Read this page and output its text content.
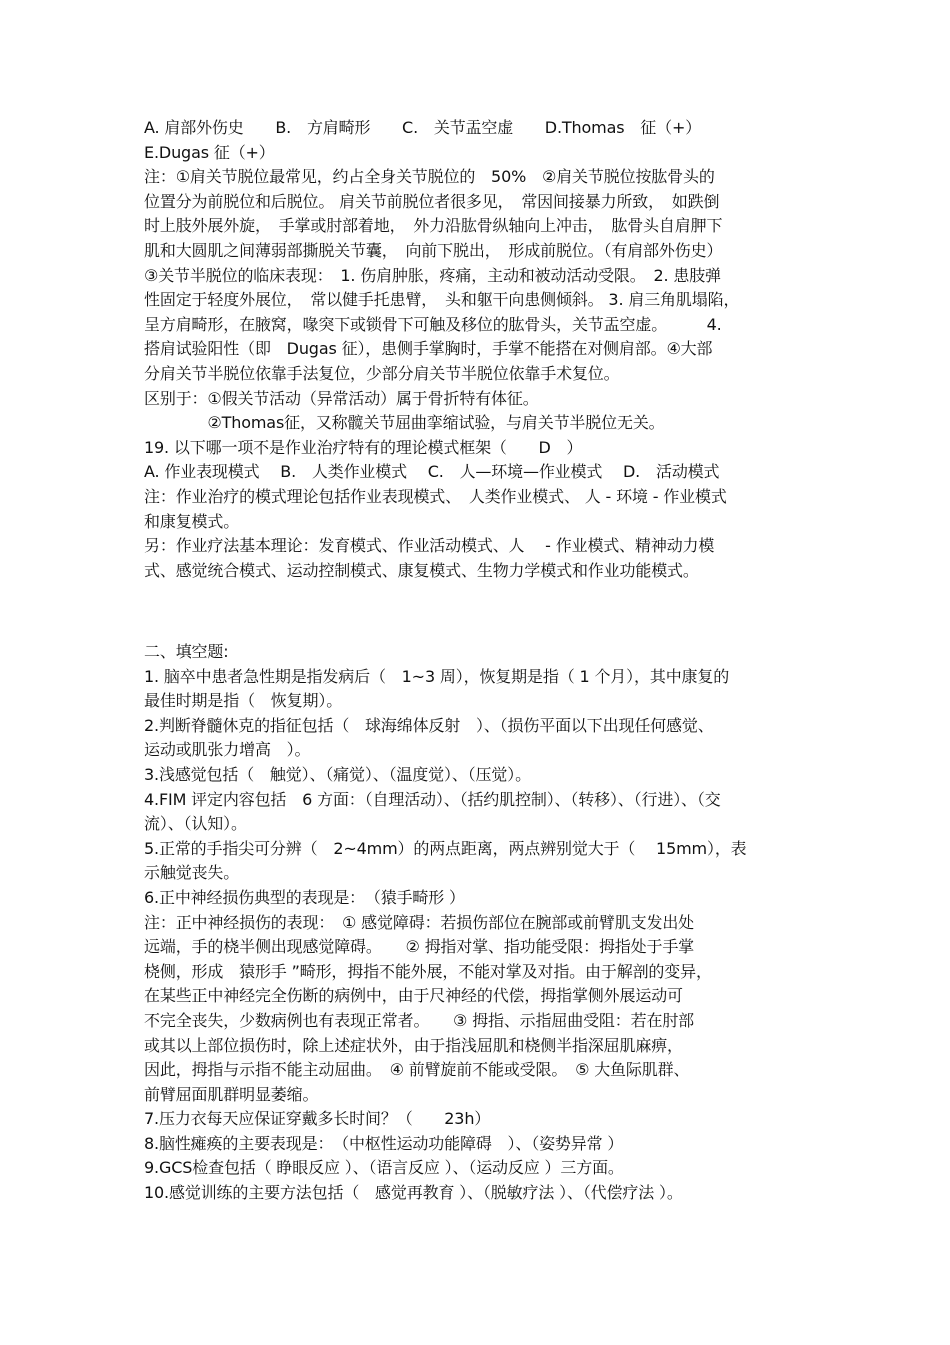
A. 肩部外伤史　　B.　方肩畸形　　C.　关节盂空虚　　D.Thomas　征（+）
E.Dugas 征（+）
注：①肩关节脱位最常见，约占全身关节脱位的　50%　②肩关节脱位按肱骨头的
位置分为前脱位和后脱位。 肩关节前脱位者很多见，　常因间接暴力所致，　如跌倒
时上肢外展外旋，　手掌或肘部着地，　外力沿肱骨纵轴向上冲击，　肱骨头自肩胛下
肌和大圆肌之间薄弱部撕脱关节囊，　向前下脱出，　形成前脱位。（有肩部外伤史）
③关节半脱位的临床表现：　1. 伤肩肿胀，疼痛，主动和被动活动受限。　2. 患肢弹
性固定于轻度外展位，　常以健手托患臂，　头和躯干向患侧倾斜。 3. 肩三角肌塌陷，
呈方肩畸形，在腋窝，喙突下或锁骨下可触及移位的肱骨头，关节盂空虚。　　　4.
搭肩试验阳性（即　Dugas 征），患侧手掌胸时，手掌不能搭在对侧肩部。④大部
分肩关节半脱位依靠手法复位，少部分肩关节半脱位依靠手术复位。
区别于：①假关节活动（异常活动）属于骨折特有体征。
　　　　②Thomas征，又称髋关节屈曲挛缩试验，与肩关节半脱位无关。
19. 以下哪一项不是作业治疗特有的理论模式框架（　　D　）
A. 作业表现模式　 B.　人类作业模式　 C.　人—环境—作业模式　 D.　活动模式
注：作业治疗的模式理论包括作业表现模式、　人类作业模式、 人 - 环境 - 作业模式
和康复模式。
另：作业疗法基本理论：发育模式、作业活动模式、人　 - 作业模式、精神动力模
式、感觉统合模式、运动控制模式、康复模式、生物力学模式和作业功能模式。
二、填空题:
1. 脑卒中患者急性期是指发病后（　1~3 周），恢复期是指（ 1 个月），其中康复的
最佳时期是指（　恢复期）。
2.判断脊髓休克的指征包括（　球海绵体反射　）、（损伤平面以下出现任何感觉、
运动或肌张力增高　）。
3.浅感觉包括（　触觉）、（痛觉）、（温度觉）、（压觉）。
4.FIM 评定内容包括　6 方面：（自理活动）、（括约肌控制）、（转移）、（行进）、（交
流）、（认知）。
5.正常的手指尖可分辨（　2~4mm）的两点距离，两点辨别觉大于（　 15mm），表
示触觉丧失。
6.正中神经损伤典型的表现是：　（猿手畸形 ）
注：正中神经损伤的表现：　① 感觉障碍：若损伤部位在腕部或前臂肌支发出处
远端，手的桡半侧出现感觉障碍。　　② 拇指对掌、指功能受限：拇指处于手掌
桡侧，形成　猿形手 ”畸形，拇指不能外展，不能对掌及对指。由于解剖的变异，
在某些正中神经完全伤断的病例中，由于尺神经的代偿，拇指掌侧外展运动可
不完全丧失，少数病例也有表现正常者。　　③ 拇指、示指屈曲受阻：若在肘部
或其以上部位损伤时，除上述症状外，由于指浅屈肌和桡侧半指深屈肌麻痹，
因此，拇指与示指不能主动屈曲。　④ 前臂旋前不能或受限。　⑤ 大鱼际肌群、
前臂屈面肌群明显萎缩。
7.压力衣每天应保证穿戴多长时间？（　　23h）
8.脑性瘫痪的主要表现是：　（中枢性运动功能障碍　）、（姿势异常 ）
9.GCS检查包括（ 睁眼反应 ）、（语言反应 ）、（运动反应 ）三方面。
10.感觉训练的主要方法包括（　感觉再教育 ）、（脱敏疗法 ）、（代偿疗法 ）。
